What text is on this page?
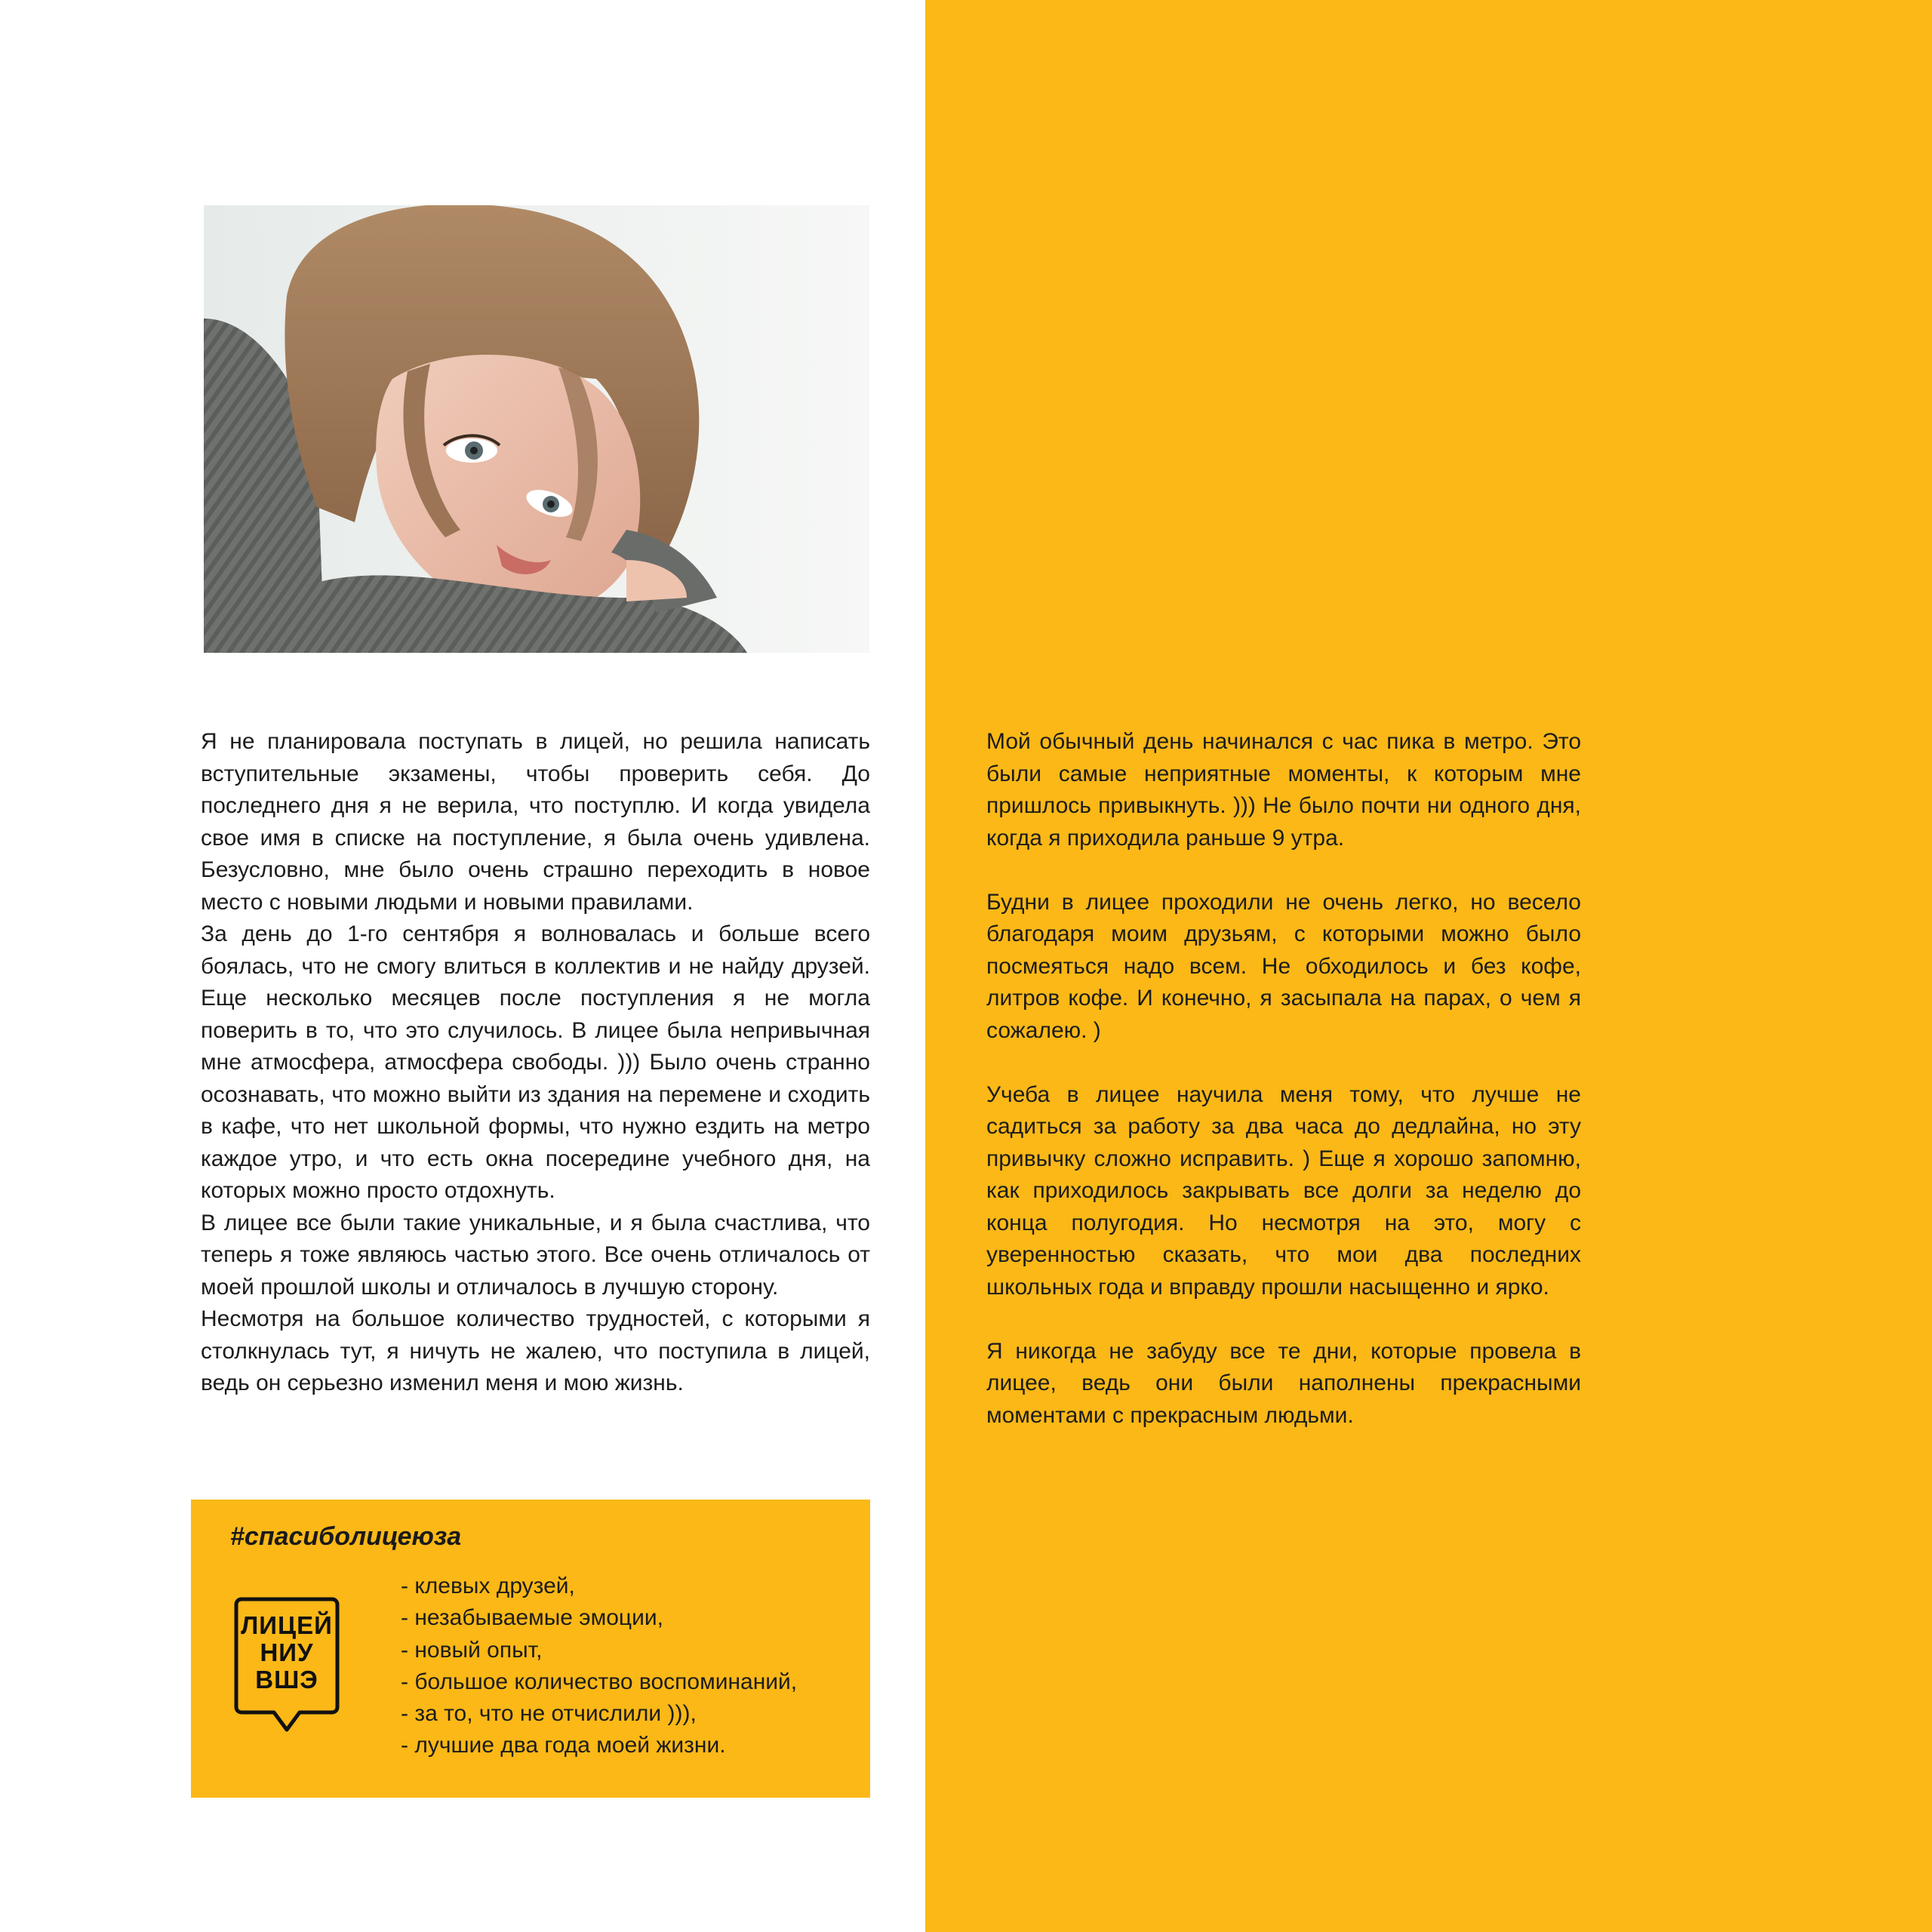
Я не планировала поступать в лицей, но решила написать вступительные экзамены, чтобы проверить себя. До последнего дня я не верила, что поступлю. И когда увидела свое имя в списке на поступление, я была очень удивлена. Безусловно, мне было очень страшно переходить в новое место с новыми людьми и новыми правилами.

За день до 1-го сентября я волновалась и больше всего боялась, что не смогу влиться в коллектив и не найду друзей. Еще несколько месяцев после поступления я не могла поверить в то, что это случилось. В лицее была непривычная мне атмосфера, атмосфера свободы. ))) Было очень странно осознавать, что можно выйти из здания на перемене и сходить в кафе, что нет школьной формы, что нужно ездить на метро каждое утро, и что есть окна посередине учебного дня, на которых можно просто отдохнуть.

В лицее все были такие уникальные, и я была счастлива, что теперь я тоже являюсь частью этого. Все очень отличалось от моей прошлой школы и отличалось в лучшую сторону.

Несмотря на большое количество трудностей, с которыми я столкнулась тут, я ничуть не жалею, что поступила в лицей, ведь он серьезно изменил меня и мою жизнь.

Мой обычный день начинался с час пика в метро. Это были самые неприятные моменты, к которым мне пришлось привыкнуть. ))) Не было почти ни одного дня, когда я приходила раньше 9 утра.

Будни в лицее проходили не очень легко, но весело благодаря моим друзьям, с которыми можно было посмеяться надо всем. Не обходилось и без кофе, литров кофе. И конечно, я засыпала на парах, о чем я сожалею. )

Учеба в лицее научила меня тому, что лучше не садиться за работу за два часа до дедлайна, но эту привычку сложно исправить. ) Еще я хорошо запомню, как приходилось закрывать все долги за неделю до конца полугодия. Но несмотря на это, могу с уверенностью сказать, что мои два последних школьных года и вправду прошли насыщенно и ярко.

Я никогда не забуду все те дни, которые провела в лицее, ведь они были наполнены прекрасными моментами с прекрасным людьми.

#спасиболицеюза

ЛИЦЕЙ
НИУ
ВШЭ
- клевых друзей,
- незабываемые эмоции,
- новый опыт,
- большое количество воспоминаний,
- за то, что не отчислили ))),
- лучшие два года моей жизни.
